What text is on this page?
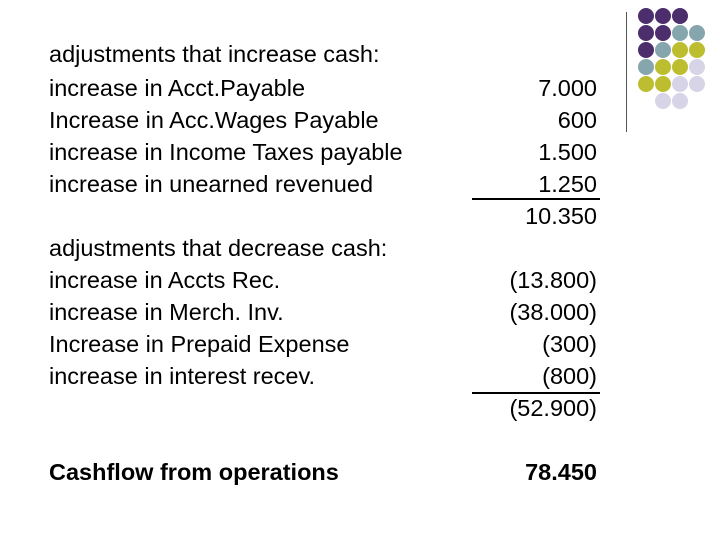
adjustments that increase cash:
increase in Acct.Payable	7.000
Increase in Acc.Wages Payable	600
increase in Income Taxes payable	1.500
increase in unearned revenued	1.250
10.350
adjustments that decrease cash:
increase in Accts Rec.	(13.800)
increase in Merch. Inv.	(38.000)
Increase in Prepaid Expense	(300)
increase in interest recev.	(800)
(52.900)
Cashflow from operations	78.450
